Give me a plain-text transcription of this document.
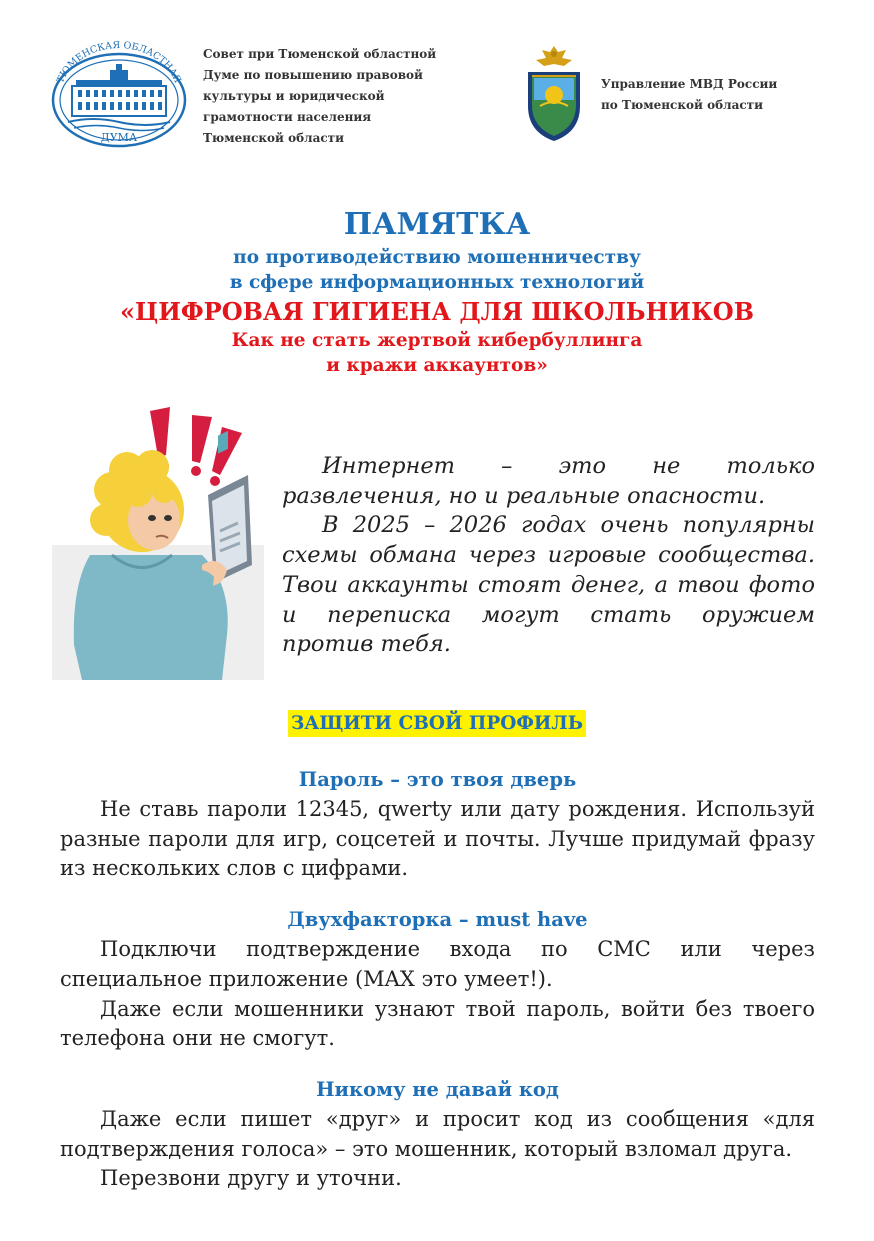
ТЮМЕНСКАЯ ОБЛАСТНАЯ
ДУМА
Совет при Тюменской областной
Думе по повышению правовой
культуры и юридической
грамотности населения
Тюменской области
Управление МВД России
по Тюменской области
ПАМЯТКА
по противодействию мошенничеству
в сфере информационных технологий
«ЦИФРОВАЯ ГИГИЕНА ДЛЯ ШКОЛЬНИКОВ
Как не стать жертвой кибербуллинга
и кражи аккаунтов»

Интернет – это не только развлечения, но и реальные опасности.

В 2025 – 2026 годах очень популярны схемы обмана через игровые сообщества. Твои аккаунты стоят денег, а твои фото и переписка могут стать оружием против тебя.

ЗАЩИТИ СВОЙ ПРОФИЛЬ
Пароль – это твоя дверь

Не ставь пароли 12345, qwerty или дату рождения. Используй разные пароли для игр, соцсетей и почты. Лучше придумай фразу из нескольких слов с цифрами.

Двухфакторка – must have

Подключи подтверждение входа по СМС или через специальное приложение (MAX это умеет!).

Даже если мошенники узнают твой пароль, войти без твоего телефона они не смогут.

Никому не давай код

Даже если пишет «друг» и просит код из сообщения «для подтверждения голоса» – это мошенник, который взломал друга.

Перезвони другу и уточни.
